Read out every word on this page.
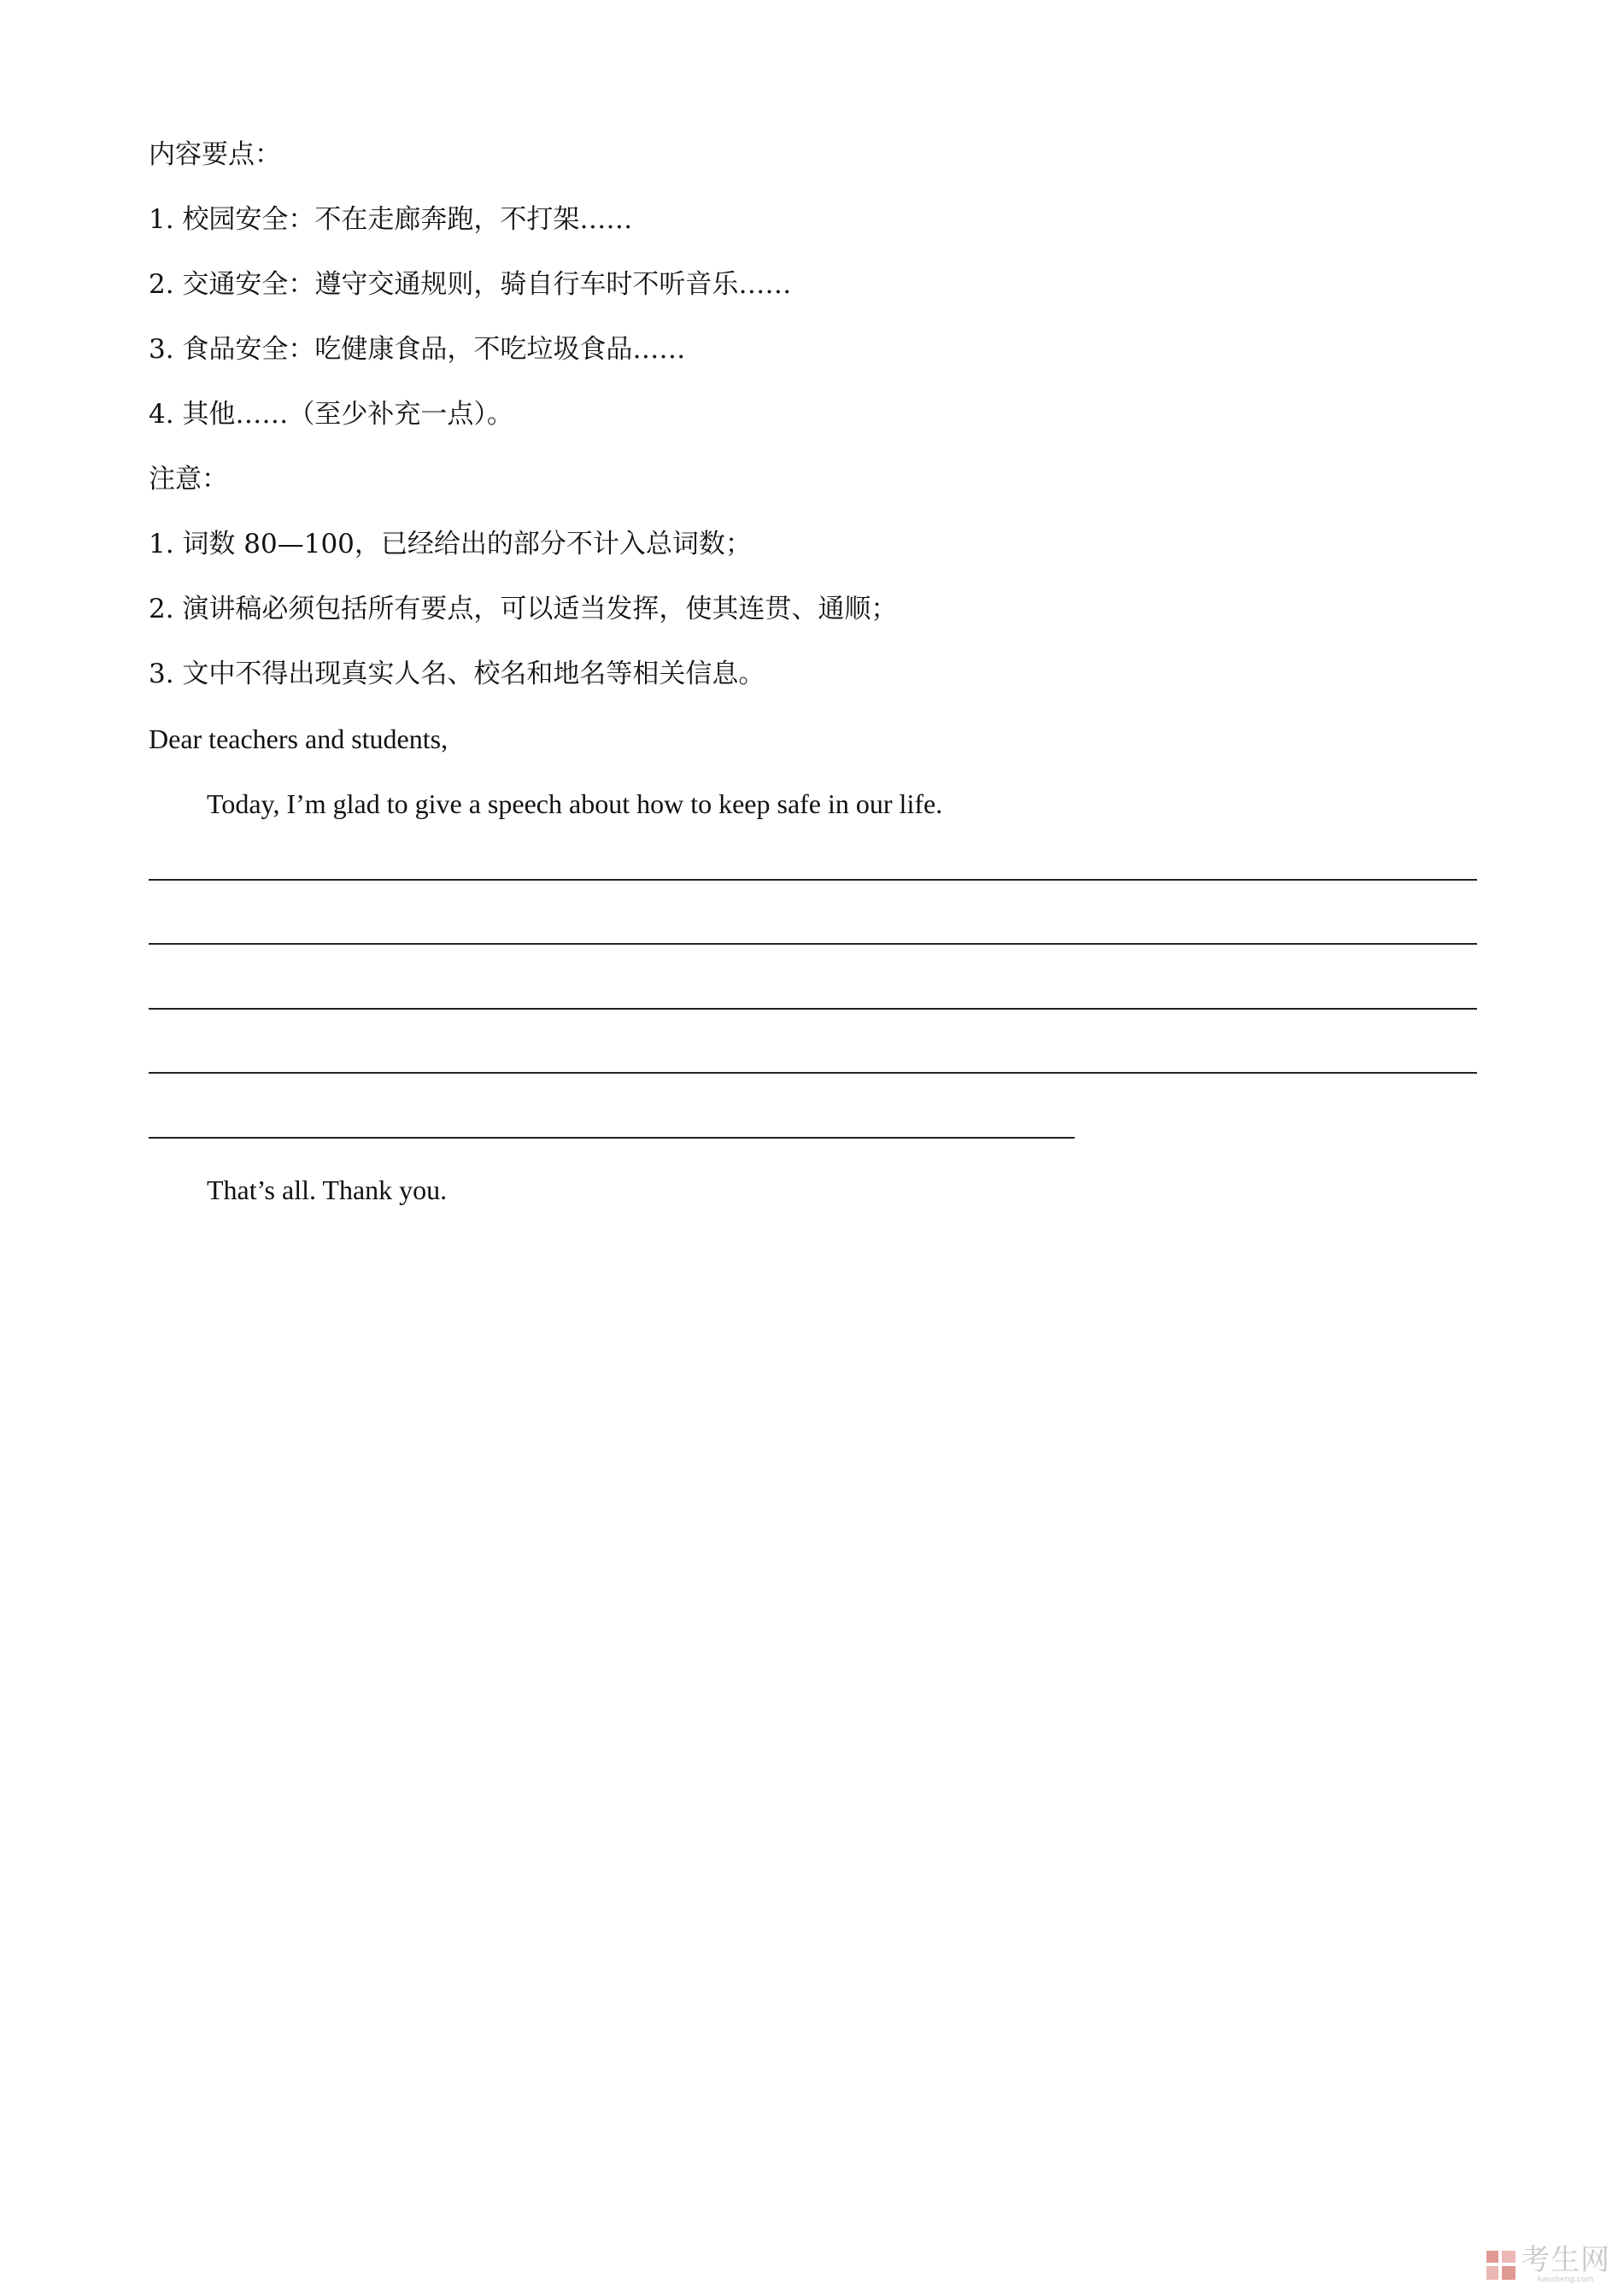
内容要点：
1. 校园安全：不在走廊奔跑，不打架……
2. 交通安全：遵守交通规则，骑自行车时不听音乐……
3. 食品安全：吃健康食品，不吃垃圾食品……
4. 其他……（至少补充一点）。
注意：
1. 词数 80—100，已经给出的部分不计入总词数；
2. 演讲稿必须包括所有要点，可以适当发挥，使其连贯、通顺；
3. 文中不得出现真实人名、校名和地名等相关信息。
Dear teachers and students,
Today, I’m glad to give a speech about how to keep safe in our life.
That’s all. Thank you.
考生网
kaosheng.com
